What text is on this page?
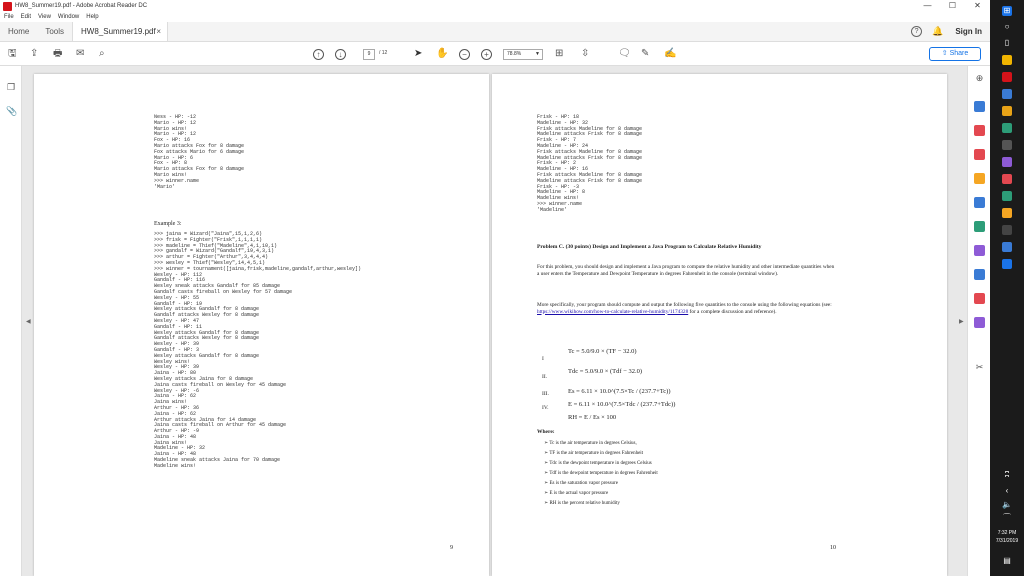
HW8_Summer19.pdf - Adobe Acrobat Reader DC	—	☐	✕
File Edit View Window Help
Home	Tools	HW8_Summer19.pdf ×	?	🔔 Sign In
🖫 ⇪ 🖶 ✉ ⌕	↑	↓	9	/ 12	➤ ✋	−	+	78.8%	▼ ⊞ ⇳	🗨 ✎ ✍	⇧ Share
❐
📎
◀	▶
Ness - HP: -12
Mario - HP: 12
Mario wins!
Mario - HP: 12
Fox - HP: 16
Mario attacks Fox for 8 damage
Fox attacks Mario for 6 damage
Mario - HP: 6
Fox - HP: 8
Mario attacks Fox for 8 damage
Mario wins!
>>> winner.name
'Mario'
Example 3:
>>> jaina = Wizard("Jaina",15,1,2,6)
>>> frisk = Fighter("Frisk",1,1,1,1)
>>> madeline = Thief("Madeline",4,1,10,1)
>>> gandalf = Wizard("Gandalf",19,4,3,1)
>>> arthur = Fighter("Arthur",3,4,4,4)
>>> wesley = Thief("Wesley",14,4,5,1)
>>> winner = tournament([jaina,frisk,madeline,gandalf,arthur,wesley])
Wesley - HP: 112
Gandalf - HP: 116
Wesley sneak attacks Gandalf for 85 damage
Gandalf casts fireball on Wesley for 57 damage
Wesley - HP: 55
Gandalf - HP: 19
Wesley attacks Gandalf for 8 damage
Gandalf attacks Wesley for 8 damage
Wesley - HP: 47
Gandalf - HP: 11
Wesley attacks Gandalf for 8 damage
Gandalf attacks Wesley for 8 damage
Wesley - HP: 39
Gandalf - HP: 3
Wesley attacks Gandalf for 8 damage
Wesley wins!
Wesley - HP: 39
Jaina - HP: 80
Wesley attacks Jaina for 8 damage
Jaina casts fireball on Wesley for 45 damage
Wesley - HP: -6
Jaina - HP: 62
Jaina wins!
Arthur - HP: 36
Jaina - HP: 62
Arthur attacks Jaina for 14 damage
Jaina casts fireball on Arthur for 45 damage
Arthur - HP: -9
Jaina - HP: 48
Jaina wins!
Madeline - HP: 32
Jaina - HP: 48
Madeline sneak attacks Jaina for 70 damage
Madeline wins!
9
Frisk - HP: 18
Madeline - HP: 32
Frisk attacks Madeline for 8 damage
Madeline attacks Frisk for 8 damage
Frisk - HP: 7
Madeline - HP: 24
Frisk attacks Madeline for 8 damage
Madeline attacks Frisk for 8 damage
Frisk - HP: 2
Madeline - HP: 16
Frisk attacks Madeline for 8 damage
Madeline attacks Frisk for 8 damage
Frisk - HP: -3
Madeline - HP: 8
Madeline wins!
>>> winner.name
'Madeline'
Problem C. (30 points) Design and Implement a Java Program to Calculate Relative Humidity
For this problem, you should design and implement a Java program to compute the relative humidity and other intermediate quantities when a user enters the Temperature and Dewpoint Temperature in degrees Fahrenheit in the console (terminal window).
More specifically, your program should compute and output the following five quantities to the console using the following equations (see: https://www.wikihow.com/how-to-calculate-relative-humidity/1174328 for a complete discussion and reference).
I
Tc = 5.0/9.0 × (TF − 32.0)
II.
Tdc = 5.0/9.0 × (Tdf − 32.0)
III.	Es = 6.11 × 10.0^(7.5×Tc / (237.7+Tc))
IV.	E = 6.11 × 10.0^(7.5×Tdc / (237.7+Tdc))
RH = E / Es × 100
Where:
➢ Tc is the air temperature in degrees Celsius,
➢ TF is the air temperature in degrees Fahrenheit
➢ Tdc is the dewpoint temperature in degrees Celsius
➢ Tdf is the dewpoint temperature in degrees Fahrenheit
➢ Es is the saturation vapor pressure
➢ E is the actual vapor pressure
➢ RH is the percent relative humidity
10
⊕
✂
⊞
○
▯
ʭ
‹
🔈
⌒
7:32 PM
7/31/2019
▤
